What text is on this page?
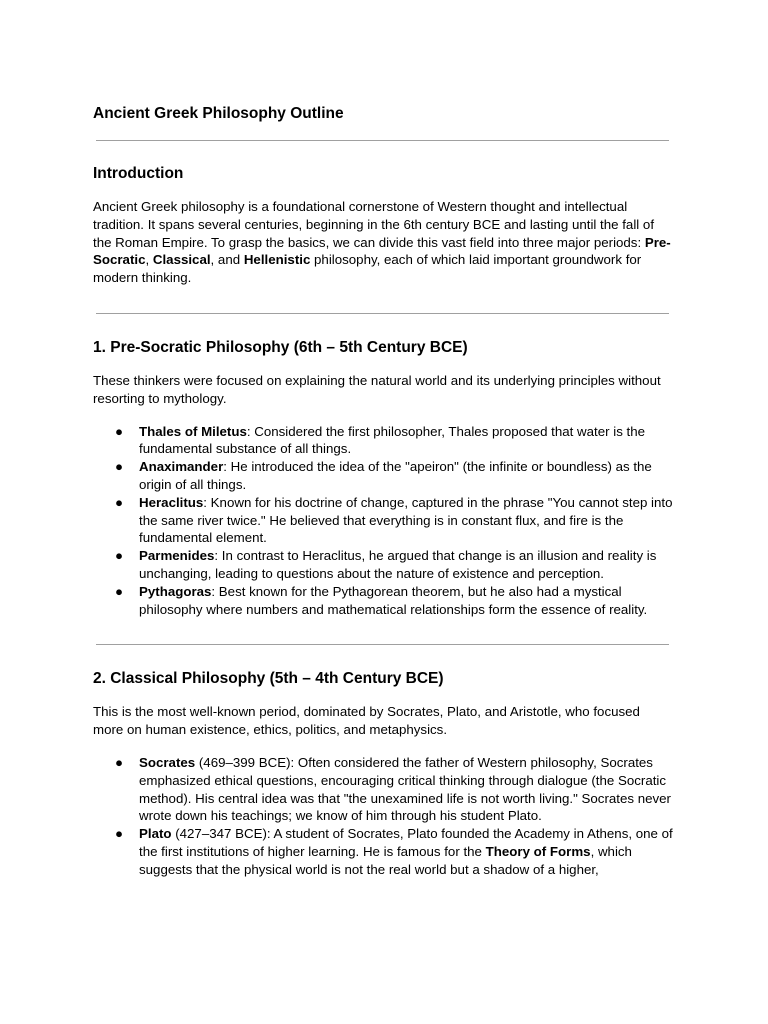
Ancient Greek Philosophy Outline
Introduction

Ancient Greek philosophy is a foundational cornerstone of Western thought and intellectual tradition. It spans several centuries, beginning in the 6th century BCE and lasting until the fall of the Roman Empire. To grasp the basics, we can divide this vast field into three major periods: Pre-Socratic, Classical, and Hellenistic philosophy, each of which laid important groundwork for modern thinking.

1. Pre-Socratic Philosophy (6th – 5th Century BCE)

These thinkers were focused on explaining the natural world and its underlying principles without resorting to mythology.

● Thales of Miletus: Considered the first philosopher, Thales proposed that water is the fundamental substance of all things.
● Anaximander: He introduced the idea of the "apeiron" (the infinite or boundless) as the origin of all things.
● Heraclitus: Known for his doctrine of change, captured in the phrase "You cannot step into the same river twice." He believed that everything is in constant flux, and fire is the fundamental element.
● Parmenides: In contrast to Heraclitus, he argued that change is an illusion and reality is unchanging, leading to questions about the nature of existence and perception.
● Pythagoras: Best known for the Pythagorean theorem, but he also had a mystical philosophy where numbers and mathematical relationships form the essence of reality.
2. Classical Philosophy (5th – 4th Century BCE)

This is the most well-known period, dominated by Socrates, Plato, and Aristotle, who focused more on human existence, ethics, politics, and metaphysics.

● Socrates (469–399 BCE): Often considered the father of Western philosophy, Socrates emphasized ethical questions, encouraging critical thinking through dialogue (the Socratic method). His central idea was that "the unexamined life is not worth living." Socrates never wrote down his teachings; we know of him through his student Plato.
● Plato (427–347 BCE): A student of Socrates, Plato founded the Academy in Athens, one of the first institutions of higher learning. He is famous for the Theory of Forms, which suggests that the physical world is not the real world but a shadow of a higher,
